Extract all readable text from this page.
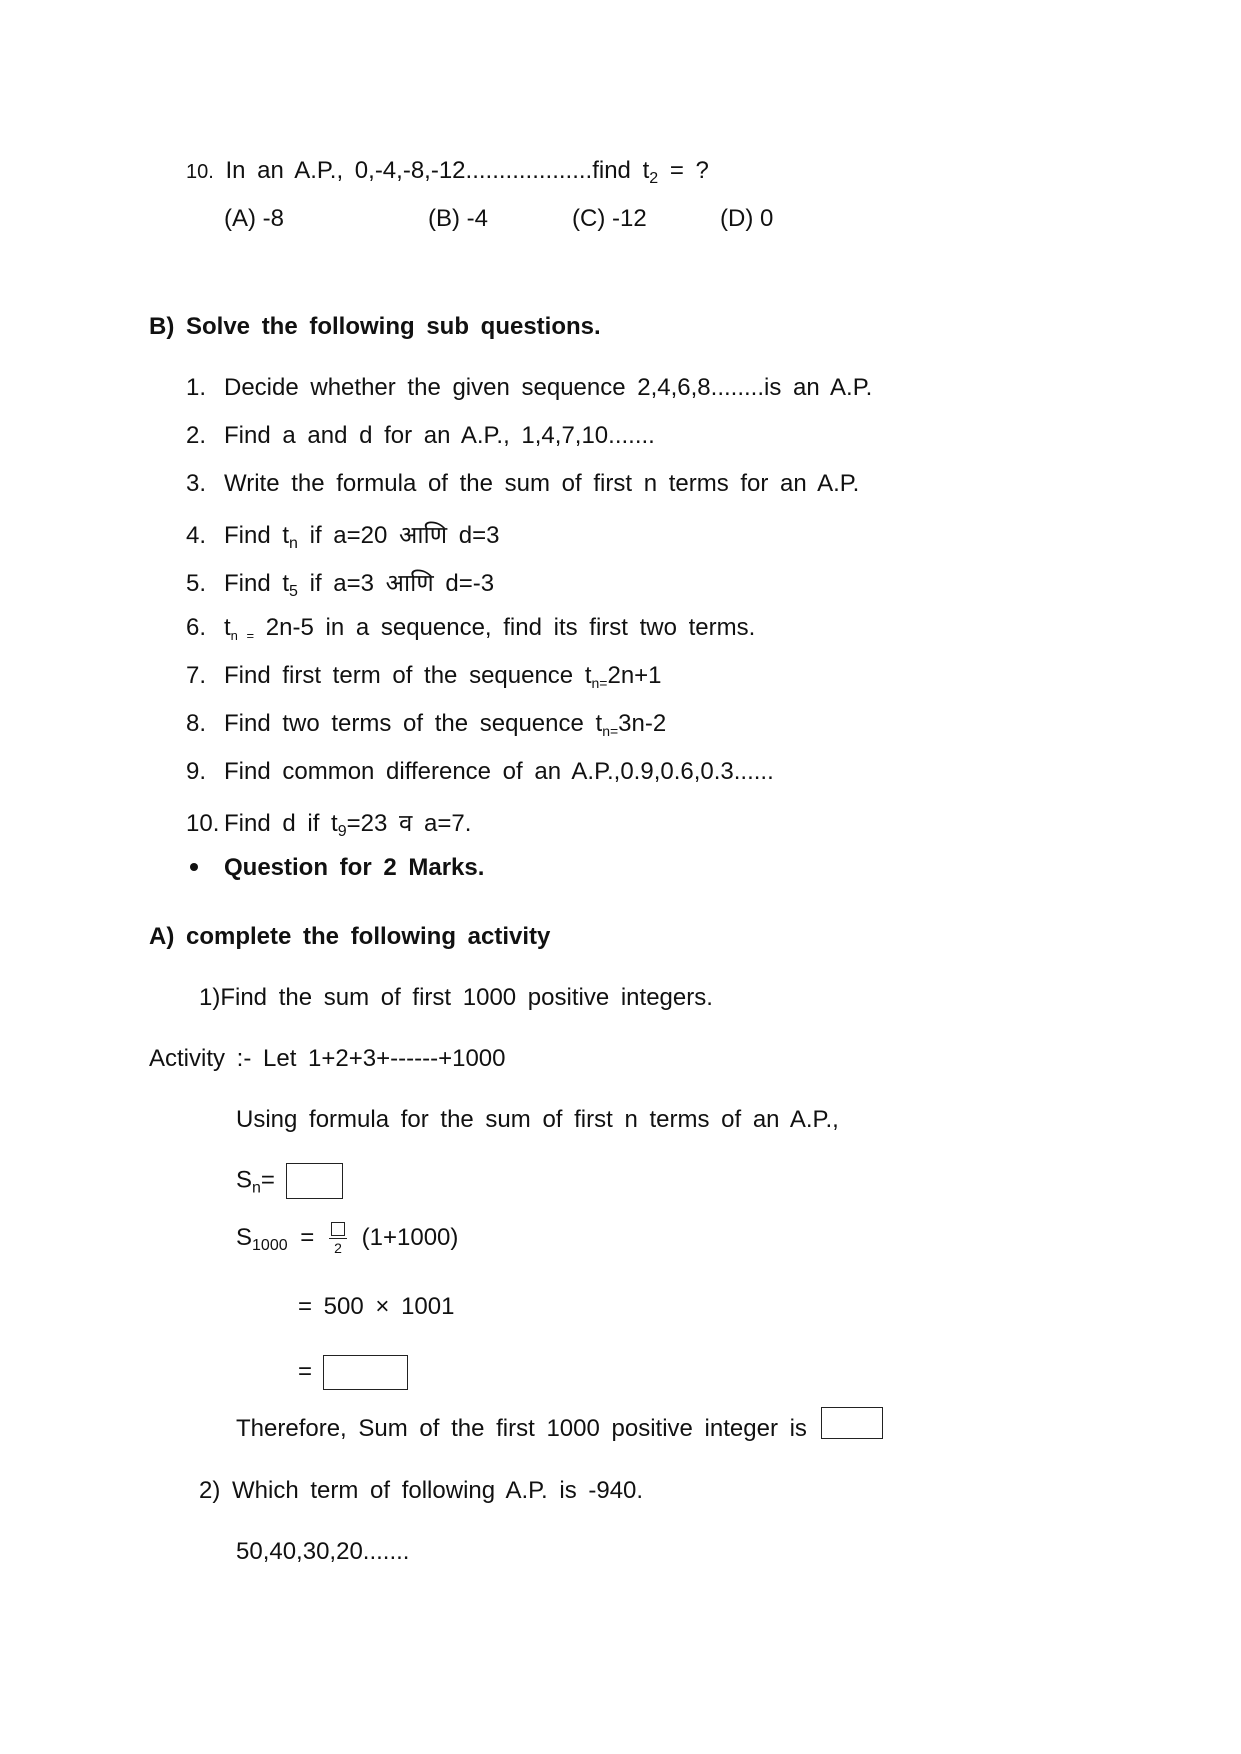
10. In an A.P., 0,-4,-8,-12...................find $t_2$ = ?
(A) -8	(B) -4	(C) -12	(D) 0
B) Solve the following sub questions.
1. Decide whether the given sequence 2,4,6,8........is an A.P.
2. Find a and d for an A.P., 1,4,7,10.......
3. Write the formula of the sum of first n terms for an A.P.
4. Find $t_n$ if a=20 आणि d=3
5. Find $t_5$ if a=3 आणि d=-3
6. $t_{n =}$ 2n-5 in a sequence, find its first two terms.
7. Find first term of the sequence $t_{n=}2n+1$
8. Find two terms of the sequence $t_{n=}3n-2$
9. Find common difference of an A.P.,0.9,0.6,0.3......
10. Find d if $t_9=23$ व a=7.
Question for 2 Marks.
A) complete the following activity
1)Find the sum of first 1000 positive integers.
Activity :- Let 1+2+3+------+1000
Using formula for the sum of first n terms of an A.P.,
$S_n=$
$S_{1000}$ =	2 (1+1000)
= 500 × 1001
=
Therefore, Sum of the first 1000 positive integer is
2) Which term of following A.P. is -940.
50,40,30,20.......
